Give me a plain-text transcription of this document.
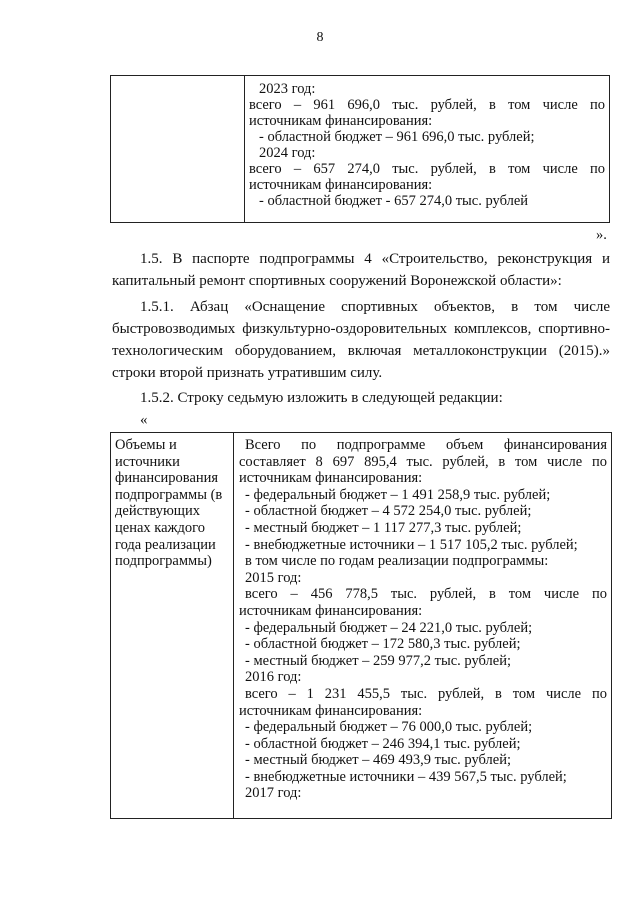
8
2023 год:
всего – 961 696,0 тыс. рублей, в том числе по
источникам финансирования:
- областной бюджет – 961 696,0 тыс. рублей;
2024 год:
всего – 657 274,0 тыс. рублей, в том числе по
источникам финансирования:
- областной бюджет - 657 274,0 тыс. рублей
».
1.5. В паспорте подпрограммы 4 «Строительство, реконструкция и
капитальный ремонт спортивных сооружений Воронежской области»:
1.5.1. Абзац «Оснащение спортивных объектов, в том числе
быстровозводимых физкультурно-оздоровительных комплексов, спортивно-
технологическим оборудованием, включая металлоконструкции (2015).»
строки второй признать утратившим силу.
1.5.2. Строку седьмую изложить в следующей редакции:
«
Объемы и
источники
финансирования
подпрограммы (в
действующих
ценах каждого
года реализации
подпрограммы)
Всего по подпрограмме объем финансирования
составляет 8 697 895,4 тыс. рублей, в том числе по
источникам финансирования:
- федеральный бюджет – 1 491 258,9 тыс. рублей;
- областной бюджет – 4 572 254,0 тыс. рублей;
- местный бюджет – 1 117 277,3 тыс. рублей;
- внебюджетные источники – 1 517 105,2 тыс. рублей;
в том числе по годам реализации подпрограммы:
2015 год:
всего – 456 778,5 тыс. рублей, в том числе по
источникам финансирования:
- федеральный бюджет – 24 221,0 тыс. рублей;
- областной бюджет – 172 580,3 тыс. рублей;
- местный бюджет – 259 977,2 тыс. рублей;
2016 год:
всего – 1 231 455,5 тыс. рублей, в том числе по
источникам финансирования:
- федеральный бюджет – 76 000,0 тыс. рублей;
- областной бюджет – 246 394,1 тыс. рублей;
- местный бюджет – 469 493,9 тыс. рублей;
- внебюджетные источники – 439 567,5 тыс. рублей;
2017 год:
